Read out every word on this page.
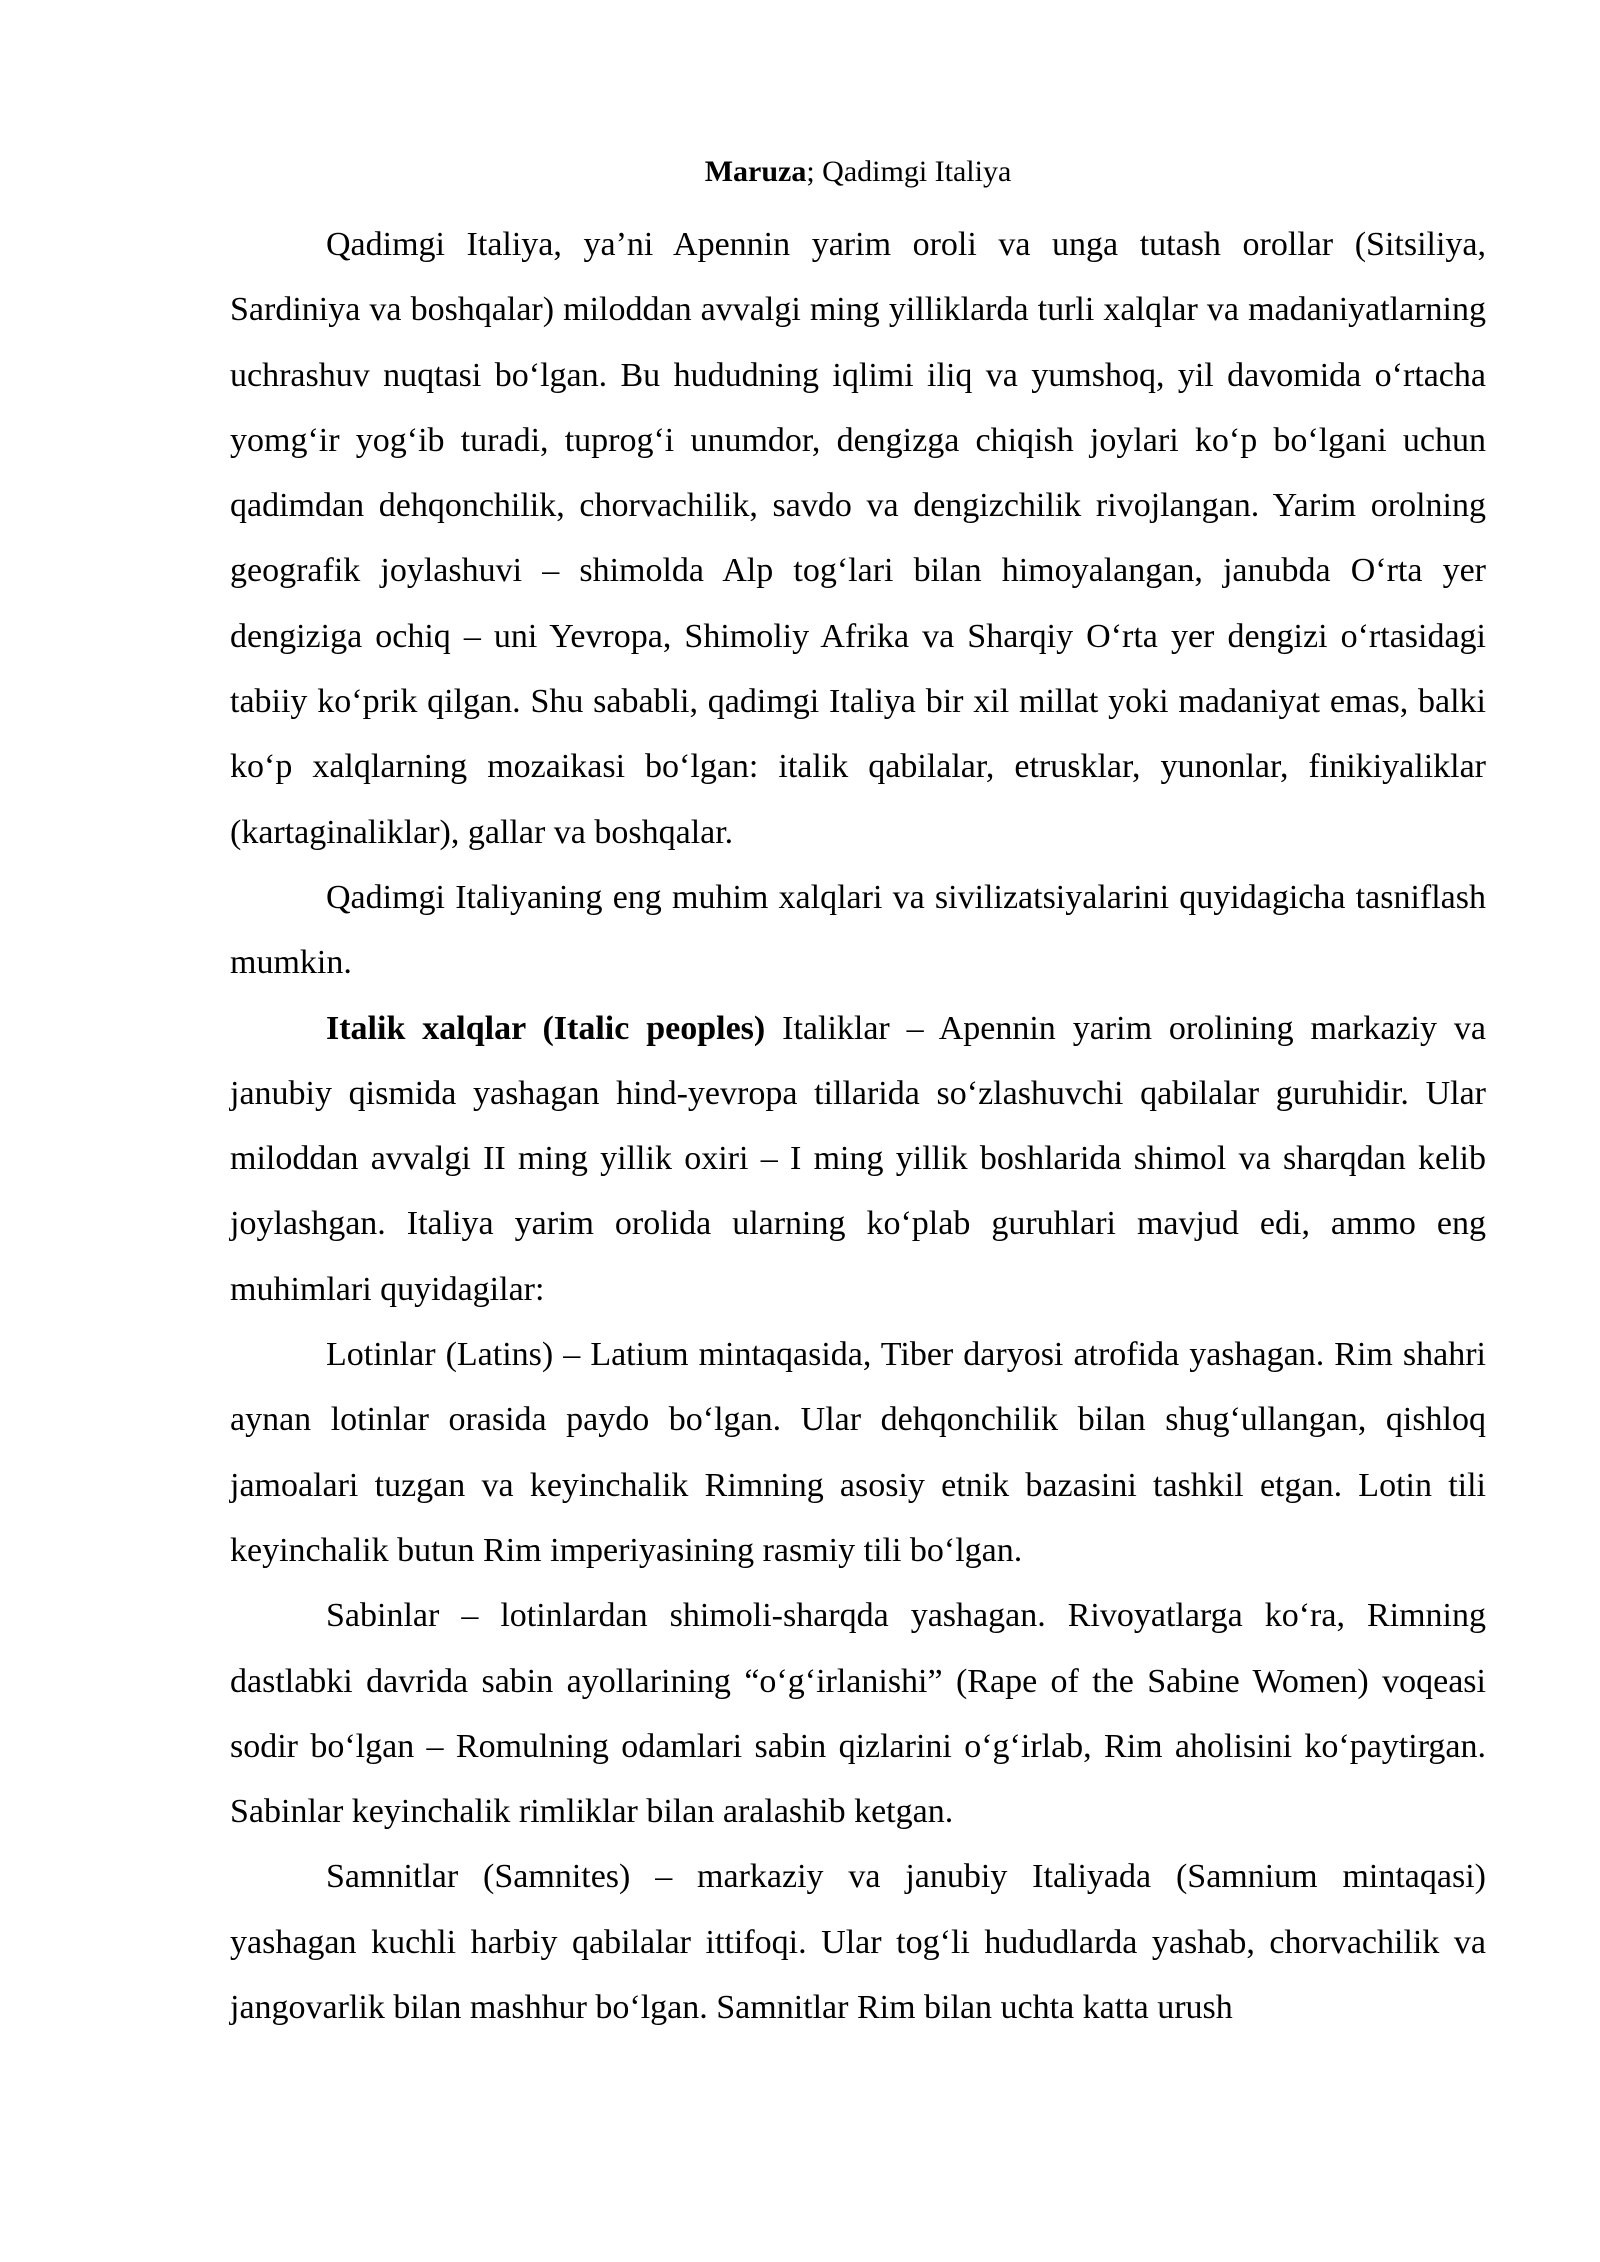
Maruza; Qadimgi Italiya

Qadimgi Italiya, ya’ni Apennin yarim oroli va unga tutash orollar (Sitsiliya, Sardiniya va boshqalar) miloddan avvalgi ming yilliklarda turli xalqlar va madaniyatlarning uchrashuv nuqtasi bo‘lgan. Bu hududning iqlimi iliq va yumshoq, yil davomida o‘rtacha yomg‘ir yog‘ib turadi, tuprog‘i unumdor, dengizga chiqish joylari ko‘p bo‘lgani uchun qadimdan dehqonchilik, chorvachilik, savdo va dengizchilik rivojlangan. Yarim orolning geografik joylashuvi – shimolda Alp tog‘lari bilan himoyalangan, janubda O‘rta yer dengiziga ochiq – uni Yevropa, Shimoliy Afrika va Sharqiy O‘rta yer dengizi o‘rtasidagi tabiiy ko‘prik qilgan. Shu sababli, qadimgi Italiya bir xil millat yoki madaniyat emas, balki ko‘p xalqlarning mozaikasi bo‘lgan: italik qabilalar, etrusklar, yunonlar, finikiyaliklar (kartaginaliklar), gallar va boshqalar.

Qadimgi Italiyaning eng muhim xalqlari va sivilizatsiyalarini quyidagicha tasniflash mumkin.

Italik xalqlar (Italic peoples) Italiklar – Apennin yarim orolining markaziy va janubiy qismida yashagan hind-yevropa tillarida so‘zlashuvchi qabilalar guruhidir. Ular miloddan avvalgi II ming yillik oxiri – I ming yillik boshlarida shimol va sharqdan kelib joylashgan. Italiya yarim orolida ularning ko‘plab guruhlari mavjud edi, ammo eng muhimlari quyidagilar:

Lotinlar (Latins) – Latium mintaqasida, Tiber daryosi atrofida yashagan. Rim shahri aynan lotinlar orasida paydo bo‘lgan. Ular dehqonchilik bilan shug‘ullangan, qishloq jamoalari tuzgan va keyinchalik Rimning asosiy etnik bazasini tashkil etgan. Lotin tili keyinchalik butun Rim imperiyasining rasmiy tili bo‘lgan.

Sabinlar – lotinlardan shimoli-sharqda yashagan. Rivoyatlarga ko‘ra, Rimning dastlabki davrida sabin ayollarining “o‘g‘irlanishi” (Rape of the Sabine Women) voqeasi sodir bo‘lgan – Romulning odamlari sabin qizlarini o‘g‘irlab, Rim aholisini ko‘paytirgan. Sabinlar keyinchalik rimliklar bilan aralashib ketgan.

Samnitlar (Samnites) – markaziy va janubiy Italiyada (Samnium mintaqasi) yashagan kuchli harbiy qabilalar ittifoqi. Ular tog‘li hududlarda yashab, chorvachilik va jangovarlik bilan mashhur bo‘lgan. Samnitlar Rim bilan uchta katta urush
